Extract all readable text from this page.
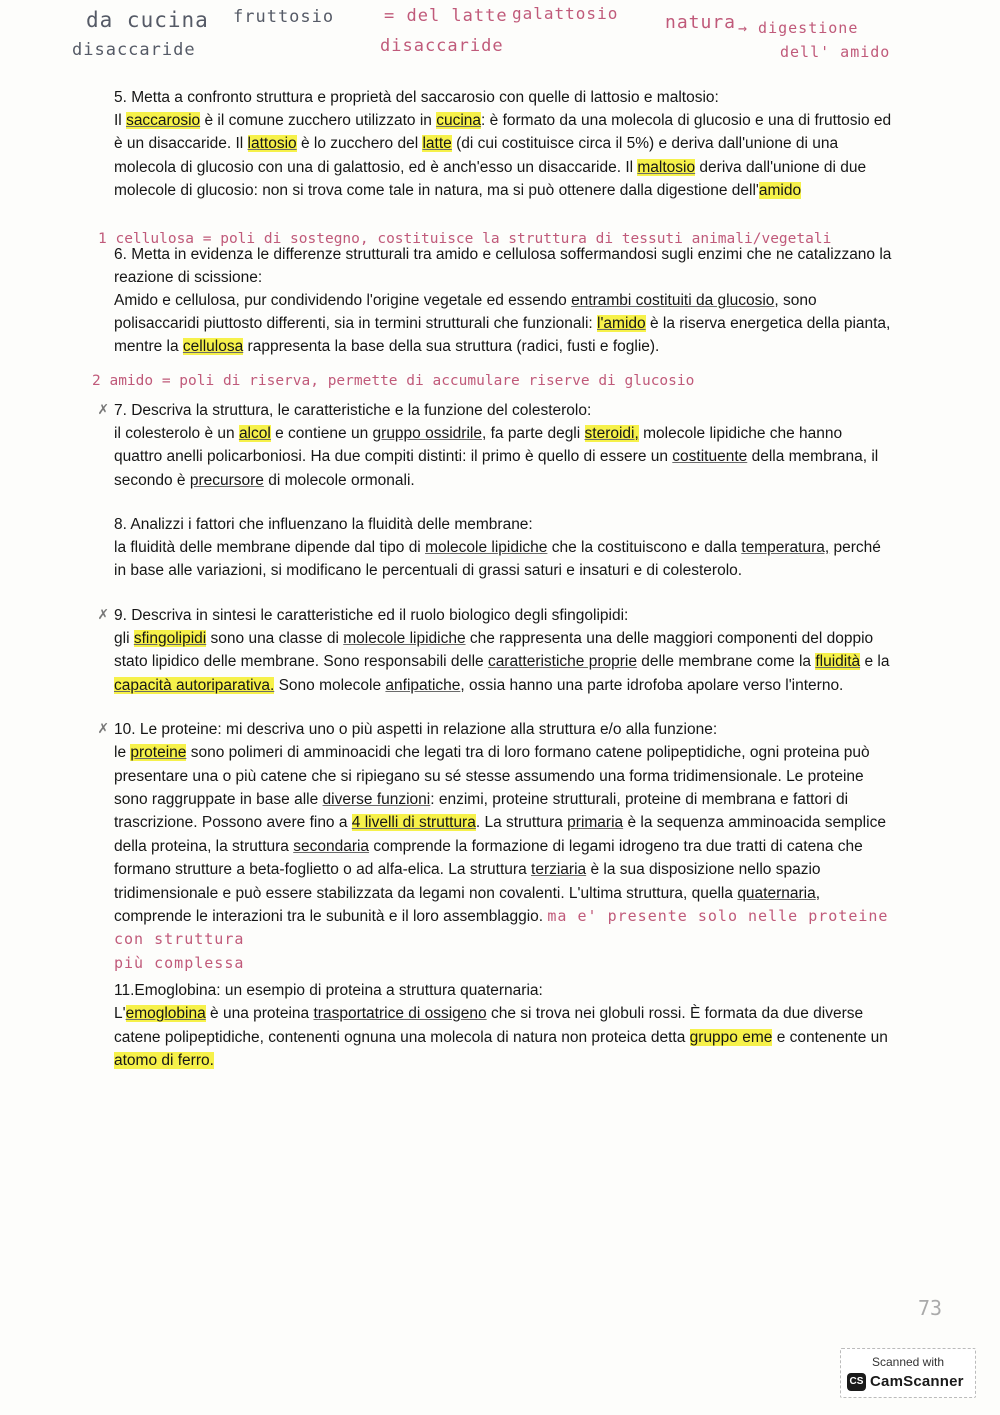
da cucina
disaccaride
fruttosio	= del latte
disaccaride
galattosio	natura → digestione
dell' amido
1 cellulosa = poli di sostegno, costituisce la struttura di tessuti animali/vegetali
2 amido = poli di riserva, permette di accumulare riserve di glucosio

5. Metta a confronto struttura e proprietà del saccarosio con quelle di lattosio e maltosio:

Il saccarosio è il comune zucchero utilizzato in cucina: è formato da una molecola di glucosio e una di fruttosio ed è un disaccaride. Il lattosio è lo zucchero del latte (di cui costituisce circa il 5%) e deriva dall'unione di una molecola di glucosio con una di galattosio, ed è anch'esso un disaccaride. Il maltosio deriva dall'unione di due molecole di glucosio: non si trova come tale in natura, ma si può ottenere dalla digestione dell'amido

6. Metta in evidenza le differenze strutturali tra amido e cellulosa soffermandosi sugli enzimi che ne catalizzano la reazione di scissione:

Amido e cellulosa, pur condividendo l'origine vegetale ed essendo entrambi costituiti da glucosio, sono polisaccaridi piuttosto differenti, sia in termini strutturali che funzionali: l'amido è la riserva energetica della pianta, mentre la cellulosa rappresenta la base della sua struttura (radici, fusti e foglie).

✗ 7. Descriva la struttura, le caratteristiche e la funzione del colesterolo:

il colesterolo è un alcol e contiene un gruppo ossidrile, fa parte degli steroidi, molecole lipidiche che hanno quattro anelli policarboniosi. Ha due compiti distinti: il primo è quello di essere un costituente della membrana, il secondo è precursore di molecole ormonali.

8. Analizzi i fattori che influenzano la fluidità delle membrane:

la fluidità delle membrane dipende dal tipo di molecole lipidiche che la costituiscono e dalla temperatura, perché in base alle variazioni, si modificano le percentuali di grassi saturi e insaturi e di colesterolo.

✗ 9. Descriva in sintesi le caratteristiche ed il ruolo biologico degli sfingolipidi:

gli sfingolipidi sono una classe di molecole lipidiche che rappresenta una delle maggiori componenti del doppio stato lipidico delle membrane. Sono responsabili delle caratteristiche proprie delle membrane come la fluidità e la capacità autoriparativa. Sono molecole anfipatiche, ossia hanno una parte idrofoba apolare verso l'interno.

✗ 10. Le proteine: mi descriva uno o più aspetti in relazione alla struttura e/o alla funzione:

le proteine sono polimeri di amminoacidi che legati tra di loro formano catene polipeptidiche, ogni proteina può presentare una o più catene che si ripiegano su sé stesse assumendo una forma tridimensionale. Le proteine sono raggruppate in base alle diverse funzioni: enzimi, proteine strutturali, proteine di membrana e fattori di trascrizione. Possono avere fino a 4 livelli di struttura. La struttura primaria è la sequenza amminoacida semplice della proteina, la struttura secondaria comprende la formazione di legami idrogeno tra due tratti di catena che formano strutture a beta-foglietto o ad alfa-elica. La struttura terziaria è la sua disposizione nello spazio tridimensionale e può essere stabilizzata da legami non covalenti. L'ultima struttura, quella quaternaria, comprende le interazioni tra le subunità e il loro assemblaggio. ma e' presente solo nelle proteine con struttura
più complessa

11.Emoglobina: un esempio di proteina a struttura quaternaria:

L'emoglobina è una proteina trasportatrice di ossigeno che si trova nei globuli rossi. È formata da due diverse catene polipeptidiche, contenenti ognuna una molecola di natura non proteica detta gruppo eme e contenente un atomo di ferro.

73
Scanned with
CS CamScanner
